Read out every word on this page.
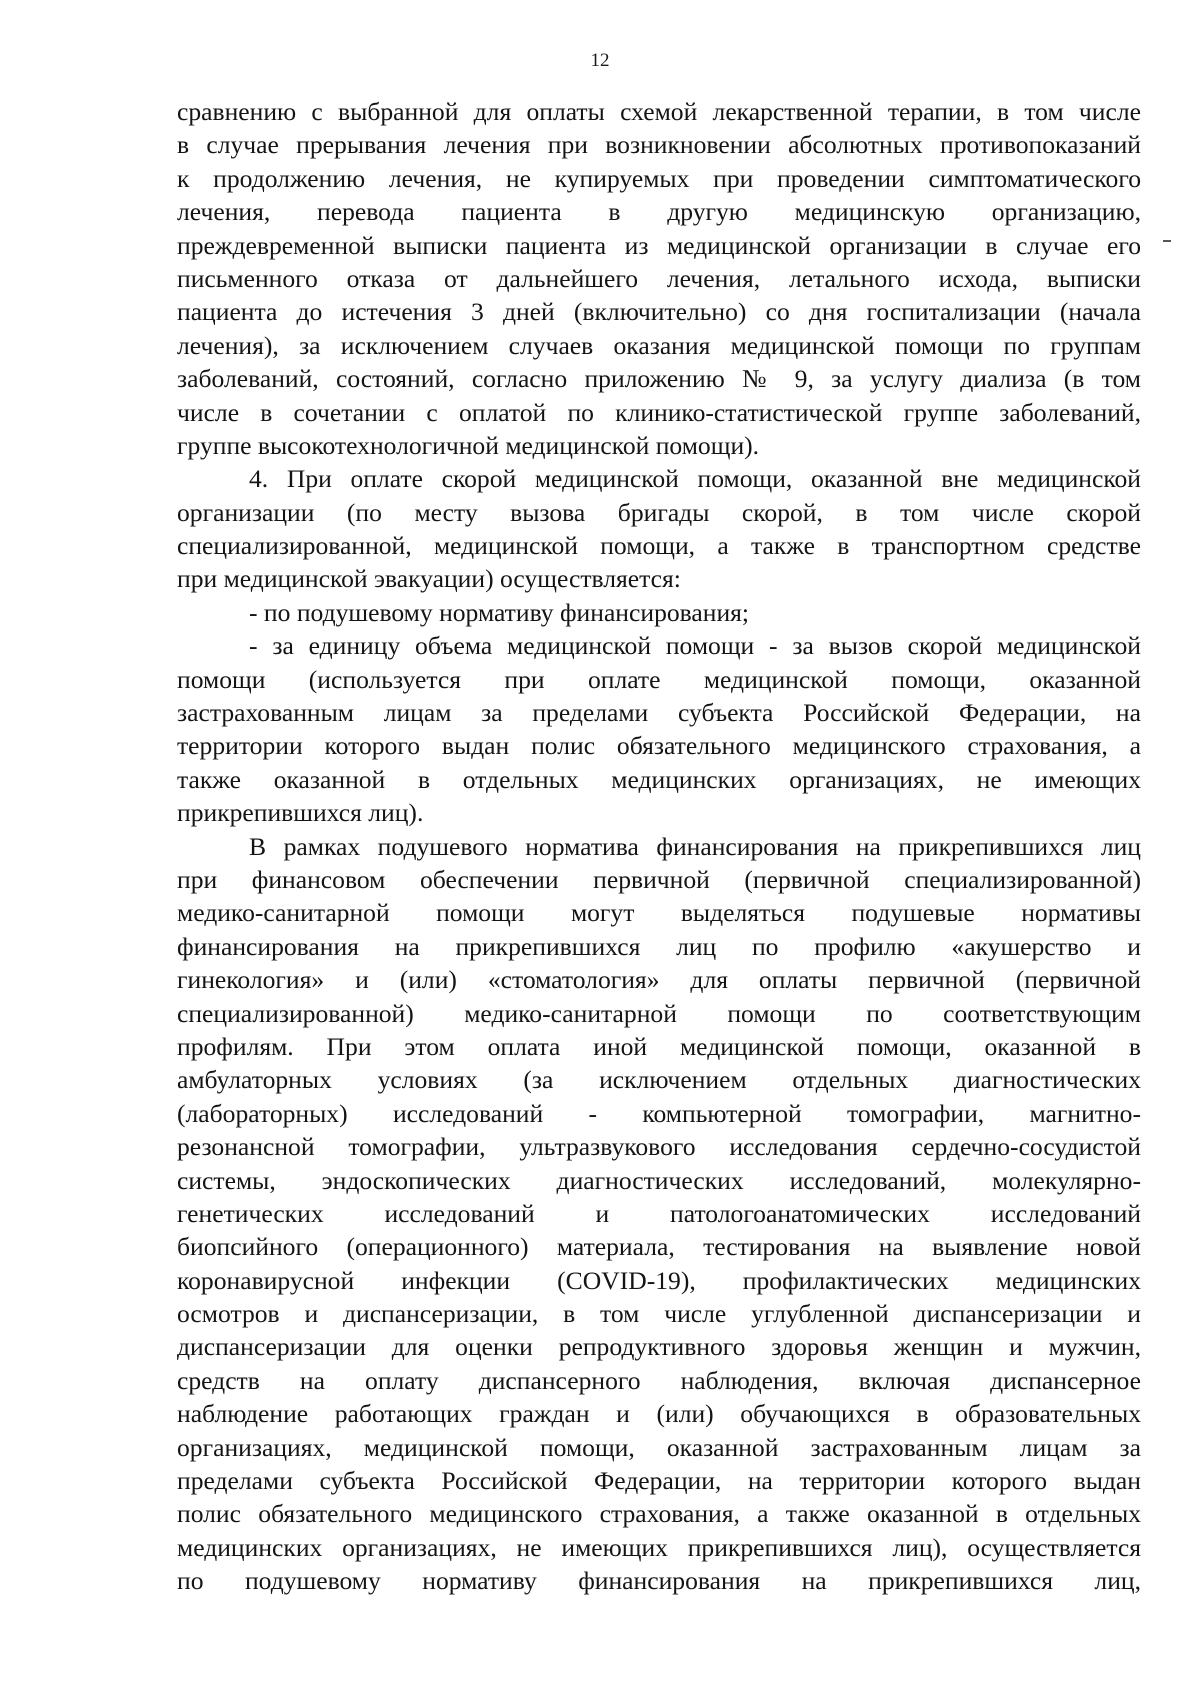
12
сравнению с выбранной для оплаты схемой лекарственной терапии, в том числе
в случае прерывания лечения при возникновении абсолютных противопоказаний
к продолжению лечения, не купируемых при проведении симптоматического
лечения, перевода пациента в другую медицинскую организацию,
преждевременной выписки пациента из медицинской организации в случае его
письменного отказа от дальнейшего лечения, летального исхода, выписки
пациента до истечения 3 дней (включительно) со дня госпитализации (начала
лечения), за исключением случаев оказания медицинской помощи по группам
заболеваний, состояний, согласно приложению № 9, за услугу диализа (в том
числе в сочетании с оплатой по клинико-статистической группе заболеваний,
группе высокотехнологичной медицинской помощи).
4. При оплате скорой медицинской помощи, оказанной вне медицинской
организации (по месту вызова бригады скорой, в том числе скорой
специализированной, медицинской помощи, а также в транспортном средстве
при медицинской эвакуации) осуществляется:
- по подушевому нормативу финансирования;
- за единицу объема медицинской помощи - за вызов скорой медицинской
помощи (используется при оплате медицинской помощи, оказанной
застрахованным лицам за пределами субъекта Российской Федерации, на
территории которого выдан полис обязательного медицинского страхования, а
также оказанной в отдельных медицинских организациях, не имеющих
прикрепившихся лиц).
В рамках подушевого норматива финансирования на прикрепившихся лиц
при финансовом обеспечении первичной (первичной специализированной)
медико-санитарной помощи могут выделяться подушевые нормативы
финансирования на прикрепившихся лиц по профилю «акушерство и
гинекология» и (или) «стоматология» для оплаты первичной (первичной
специализированной) медико-санитарной помощи по соответствующим
профилям. При этом оплата иной медицинской помощи, оказанной в
амбулаторных условиях (за исключением отдельных диагностических
(лабораторных) исследований - компьютерной томографии, магнитно-
резонансной томографии, ультразвукового исследования сердечно-сосудистой
системы, эндоскопических диагностических исследований, молекулярно-
генетических исследований и патологоанатомических исследований
биопсийного (операционного) материала, тестирования на выявление новой
коронавирусной инфекции (COVID-19), профилактических медицинских
осмотров и диспансеризации, в том числе углубленной диспансеризации и
диспансеризации для оценки репродуктивного здоровья женщин и мужчин,
средств на оплату диспансерного наблюдения, включая диспансерное
наблюдение работающих граждан и (или) обучающихся в образовательных
организациях, медицинской помощи, оказанной застрахованным лицам за
пределами субъекта Российской Федерации, на территории которого выдан
полис обязательного медицинского страхования, а также оказанной в отдельных
медицинских организациях, не имеющих прикрепившихся лиц), осуществляется
по подушевому нормативу финансирования на прикрепившихся лиц,
